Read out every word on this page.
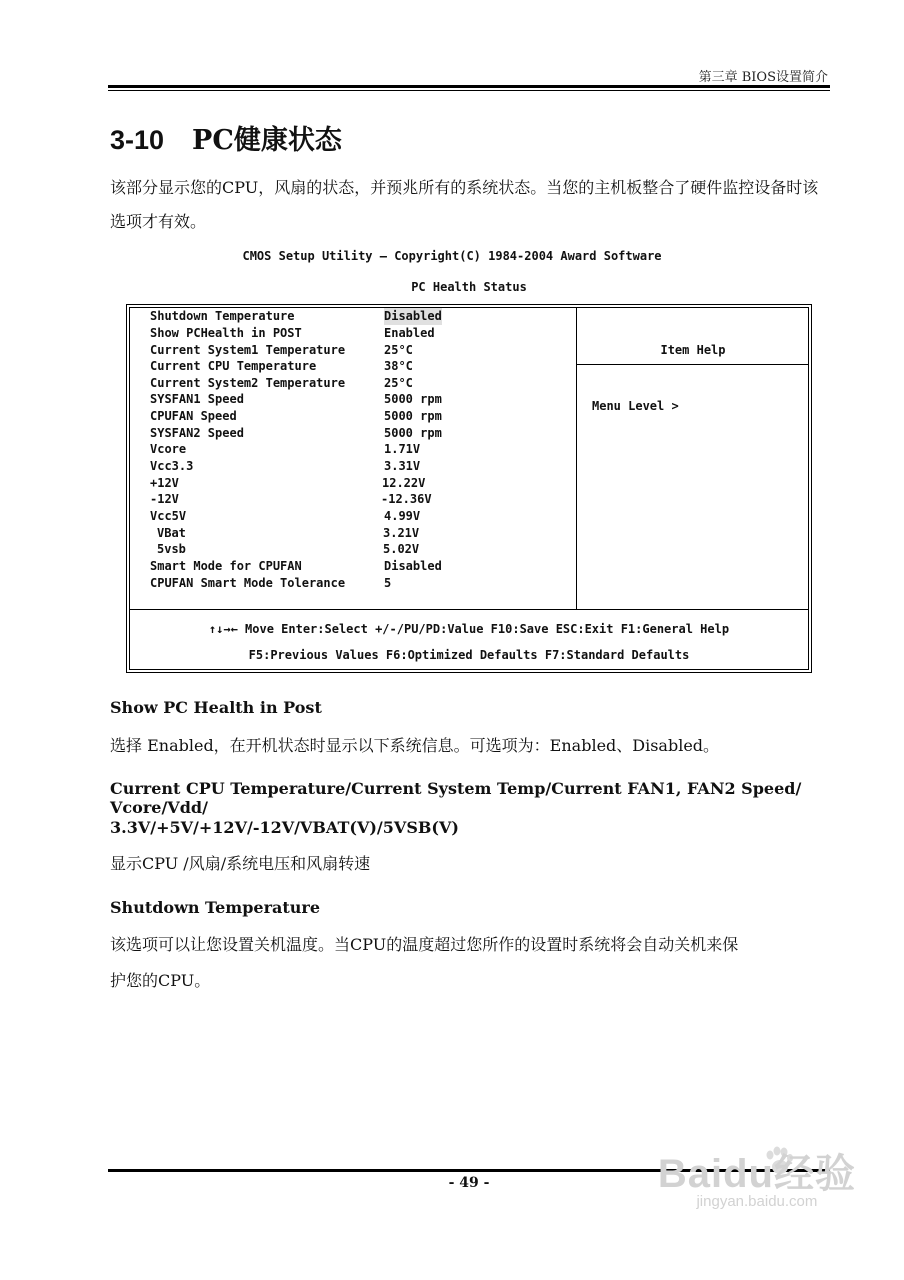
第三章 BIOS设置简介
3-10 PC健康状态
该部分显示您的CPU，风扇的状态，并预兆所有的系统状态。当您的主机板整合了硬件监控设备时该选项才有效。
CMOS Setup Utility – Copyright(C) 1984-2004 Award Software
PC Health Status
Shutdown Temperature	Disabled
Show PCHealth in POST	Enabled
Current System1 Temperature	25°C
Current CPU Temperature	38°C
Current System2 Temperature	25°C
SYSFAN1 Speed	5000 rpm
CPUFAN Speed	5000 rpm
SYSFAN2 Speed	5000 rpm
Vcore	1.71V
Vcc3.3	3.31V
+12V	12.22V
-12V	-12.36V
Vcc5V	4.99V
VBat	3.21V
5vsb	5.02V
Smart Mode for CPUFAN	Disabled
CPUFAN Smart Mode Tolerance	5
Item Help
Menu Level >
↑↓→← Move Enter:Select +/-/PU/PD:Value F10:Save ESC:Exit F1:General Help
F5:Previous Values F6:Optimized Defaults F7:Standard Defaults
Show PC Health in Post
选择 Enabled，在开机状态时显示以下系统信息。可选项为：Enabled、Disabled。
Current CPU Temperature/Current System Temp/Current FAN1, FAN2 Speed/ Vcore/Vdd/
3.3V/+5V/+12V/-12V/VBAT(V)/5VSB(V)
显示CPU /风扇/系统电压和风扇转速
Shutdown Temperature
该选项可以让您设置关机温度。当CPU的温度超过您所作的设置时系统将会自动关机来保
护您的CPU。
- 49 -	Baidu经验
jingyan.baidu.com
